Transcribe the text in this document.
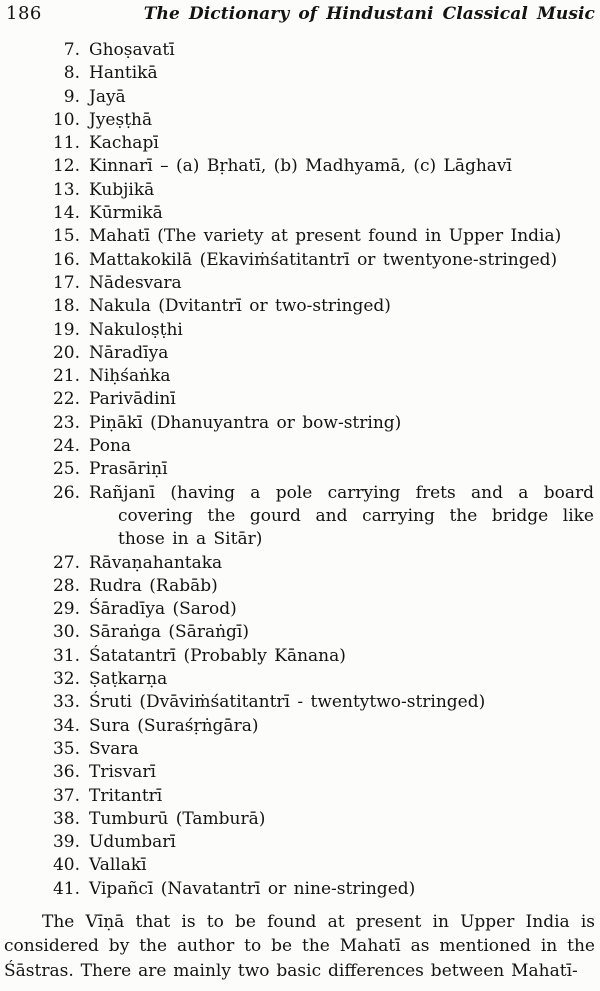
186	The Dictionary of Hindustani Classical Music
7. Ghoṣavatī
8. Hantikā
9. Jayā
10. Jyeṣṭhā
11. Kachapī
12. Kinnarī – (a) Bṛhatī, (b) Madhyamā, (c) Lāghavī
13. Kubjikā
14. Kūrmikā
15. Mahatī (The variety at present found in Upper India)
16. Mattakokilā (Ekaviṁśatitantrī or twentyone-stringed)
17. Nādesvara
18. Nakula (Dvitantrī or two-stringed)
19. Nakuloṣṭhi
20. Nāradīya
21. Niḥśaṅka
22. Parivādinī
23. Piṇākī (Dhanuyantra or bow-string)
24. Pona
25. Prasāriṇī
26. Rañjanī (having a pole carrying frets and a board covering the gourd and carrying the bridge like those in a Sitār)
27. Rāvaṇahantaka
28. Rudra (Rabāb)
29. Śāradīya (Sarod)
30. Sāraṅga (Sāraṅgī)
31. Śatatantrī (Probably Kānana)
32. Ṣaṭkarṇa
33. Śruti (Dvāviṁśatitantrī - twentytwo-stringed)
34. Sura (Suraśṛṅgāra)
35. Svara
36. Trisvarī
37. Tritantrī
38. Tumburū (Tamburā)
39. Udumbarī
40. Vallakī
41. Vipañcī (Navatantrī or nine-stringed)

The Vīṇā that is to be found at present in Upper India is considered by the author to be the Mahatī as mentioned in the Śāstras. There are mainly two basic differences between Mahatī-
